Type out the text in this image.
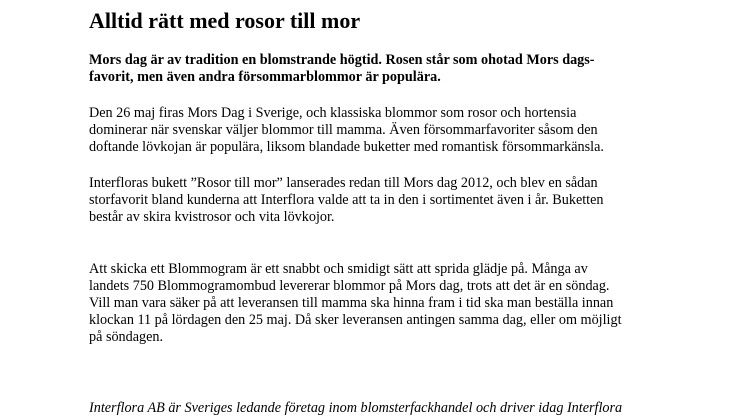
Alltid rätt med rosor till mor

Mors dag är av tradition en blomstrande högtid. Rosen står som ohotad Mors dags-

favorit, men även andra försommarblommor är populära.

Den 26 maj firas Mors Dag i Sverige, och klassiska blommor som rosor och hortensia

dominerar när svenskar väljer blommor till mamma. Även försommarfavoriter såsom den

doftande lövkojan är populära, liksom blandade buketter med romantisk försommarkänsla.

Interfloras bukett ”Rosor till mor” lanserades redan till Mors dag 2012, och blev en sådan

storfavorit bland kunderna att Interflora valde att ta in den i sortimentet även i år. Buketten

består av skira kvistrosor och vita lövkojor.

Att skicka ett Blommogram är ett snabbt och smidigt sätt att sprida glädje på. Många av

landets 750 Blommogramombud levererar blommor på Mors dag, trots att det är en söndag.

Vill man vara säker på att leveransen till mamma ska hinna fram i tid ska man beställa innan

klockan 11 på lördagen den 25 maj. Då sker leveransen antingen samma dag, eller om möjligt

på söndagen.

Interflora AB är Sveriges ledande företag inom blomsterfackhandel och driver idag Interflora
